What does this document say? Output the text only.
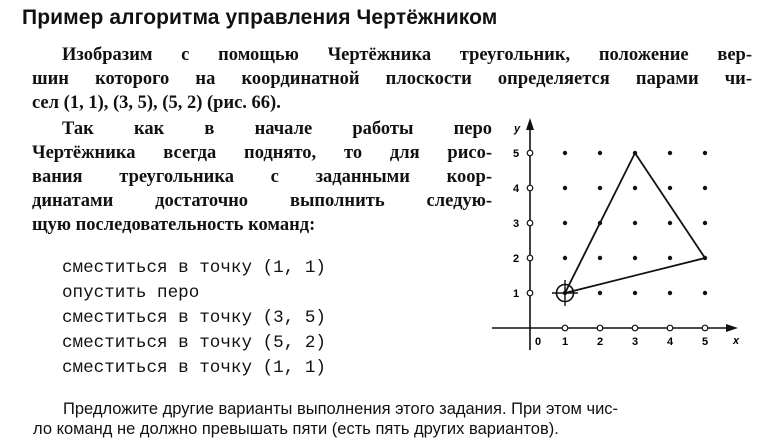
Пример алгоритма управления Чертёжником
Изобразим с помощью Чертёжника треугольник, положение вер-
шин которого на координатной плоскости определяется парами чи-
сел (1, 1), (3, 5), (5, 2) (рис. 66).
Так как в начале работы перо
Чертёжника всегда поднято, то для рисо-
вания треугольника с заданными коор-
динатами достаточно выполнить следую-
щую последовательность команд:
сместиться в точку (1, 1)
опустить перо
сместиться в точку (3, 5)
сместиться в точку (5, 2)
сместиться в точку (1, 1)
y
x
0 1	2	3	4	5
1
2
3
4
5
Предложите другие варианты выполнения этого задания. При этом чис-
ло команд не должно превышать пяти (есть пять других вариантов).
